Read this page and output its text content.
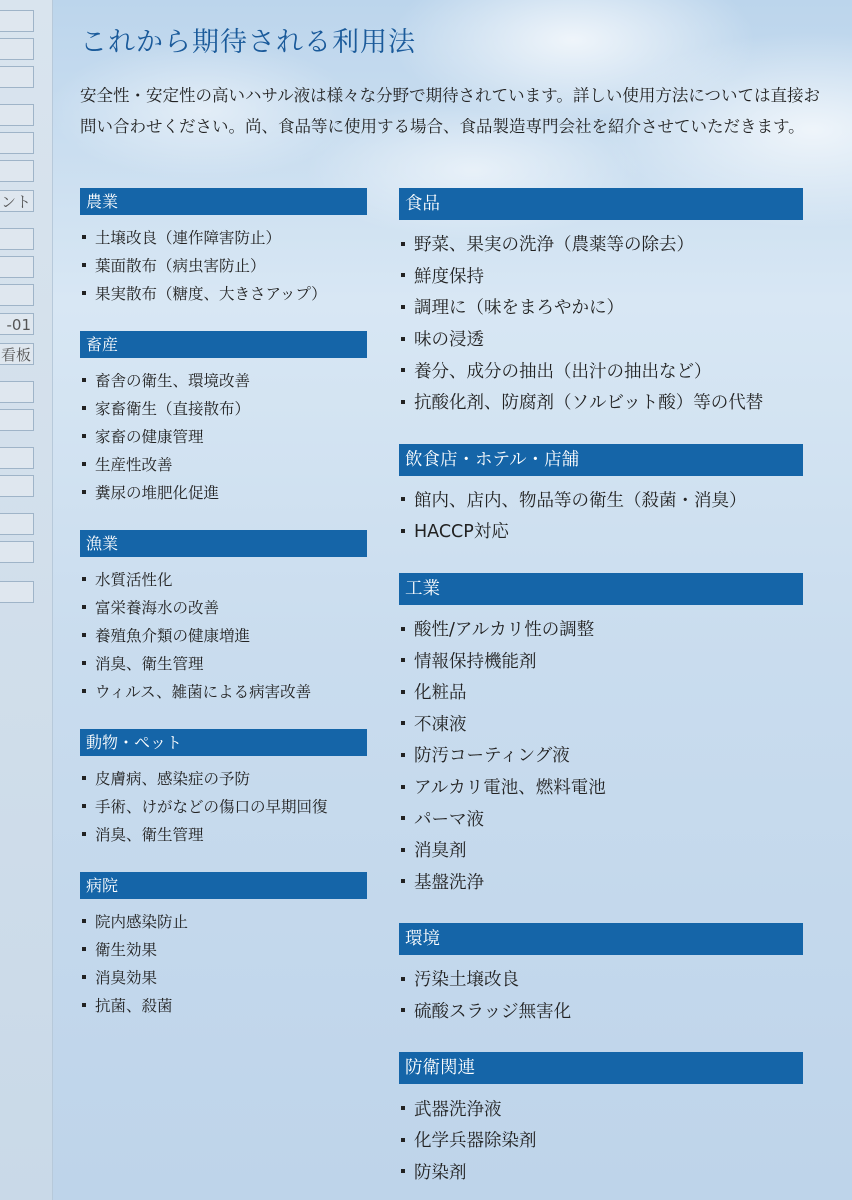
ント
-01
看板
これから期待される利用法

安全性・安定性の高いハサル液は様々な分野で期待されています。詳しい使用方法については直接お問い合わせください。尚、食品等に使用する場合、食品製造専門会社を紹介させていただきます。

農業
土壌改良（連作障害防止）
葉面散布（病虫害防止）
果実散布（糖度、大きさアップ）
畜産
畜舎の衛生、環境改善
家畜衛生（直接散布）
家畜の健康管理
生産性改善
糞尿の堆肥化促進
漁業
水質活性化
富栄養海水の改善
養殖魚介類の健康増進
消臭、衛生管理
ウィルス、雑菌による病害改善
動物・ペット
皮膚病、感染症の予防
手術、けがなどの傷口の早期回復
消臭、衛生管理
病院
院内感染防止
衛生効果
消臭効果
抗菌、殺菌
食品
野菜、果実の洗浄（農薬等の除去）
鮮度保持
調理に（味をまろやかに）
味の浸透
養分、成分の抽出（出汁の抽出など）
抗酸化剤、防腐剤（ソルビット酸）等の代替
飲食店・ホテル・店舗
館内、店内、物品等の衛生（殺菌・消臭）
HACCP対応
工業
酸性/アルカリ性の調整
情報保持機能剤
化粧品
不凍液
防汚コーティング液
アルカリ電池、燃料電池
パーマ液
消臭剤
基盤洗浄
環境
汚染土壌改良
硫酸スラッジ無害化
防衛関連
武器洗浄液
化学兵器除染剤
防染剤
